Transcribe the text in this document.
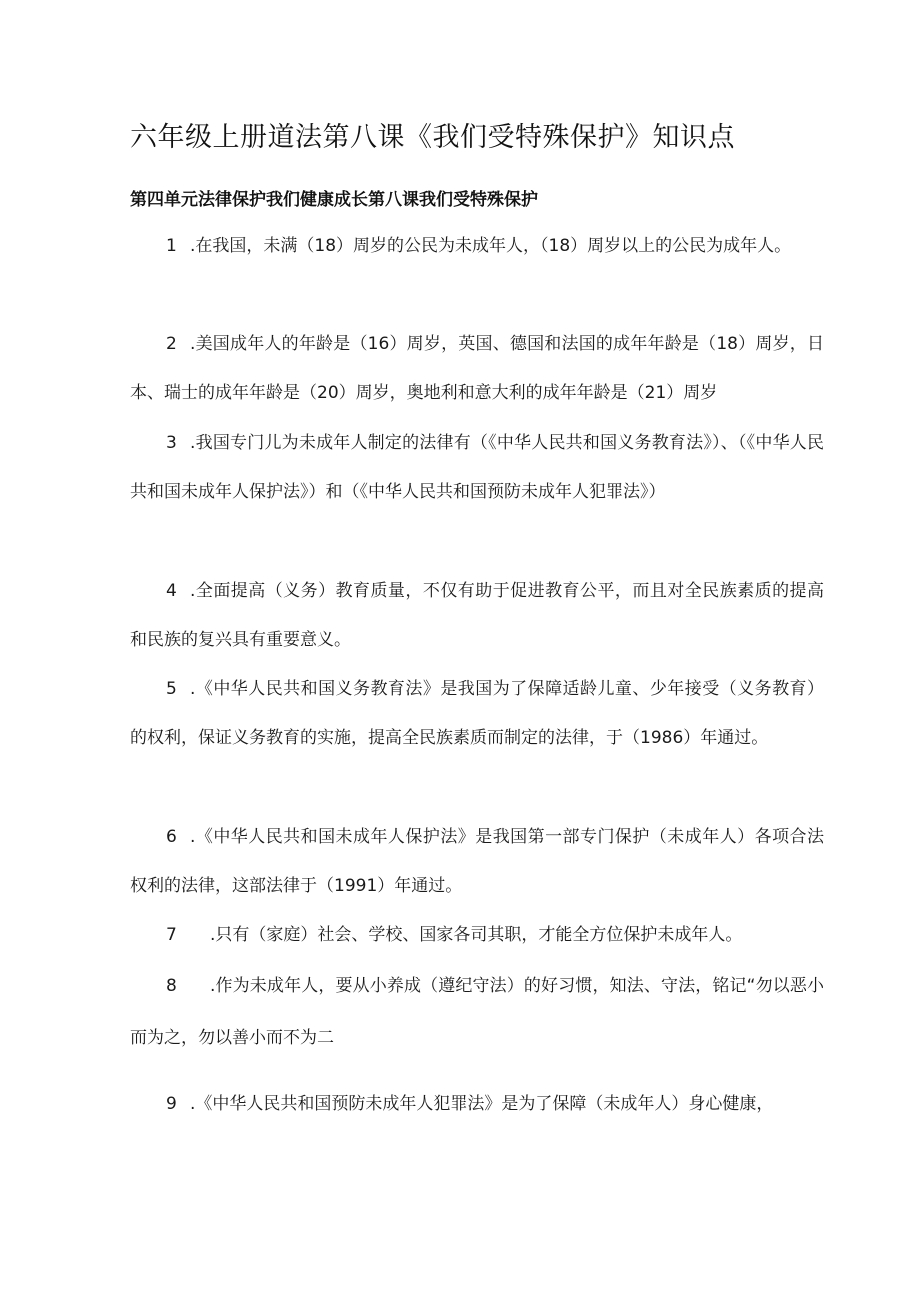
六年级上册道法第八课《我们受特殊保护》知识点
第四单元法律保护我们健康成长第八课我们受特殊保护
1 .在我国，未满（18）周岁的公民为未成年人，（18）周岁以上的公民为成年人。
2 .美国成年人的年龄是（16）周岁，英国、德国和法国的成年年龄是（18）周岁，日本、瑞士的成年年龄是（20）周岁，奥地利和意大利的成年年龄是（21）周岁
3 .我国专门儿为未成年人制定的法律有（《中华人民共和国义务教育法》）、（《中华人民共和国未成年人保护法》）和（《中华人民共和国预防未成年人犯罪法》）
4 .全面提高（义务）教育质量，不仅有助于促进教育公平，而且对全民族素质的提高和民族的复兴具有重要意义。
5 .《中华人民共和国义务教育法》是我国为了保障适龄儿童、少年接受（义务教育）的权利，保证义务教育的实施，提高全民族素质而制定的法律，于（1986）年通过。
6 .《中华人民共和国未成年人保护法》是我国第一部专门保护（未成年人）各项合法权利的法律，这部法律于（1991）年通过。
7 .只有（家庭）社会、学校、国家各司其职，才能全方位保护未成年人。
8 .作为未成年人，要从小养成（遵纪守法）的好习惯，知法、守法，铭记“勿以恶小而为之，勿以善小而不为二
9 .《中华人民共和国预防未成年人犯罪法》是为了保障（未成年人）身心健康，
